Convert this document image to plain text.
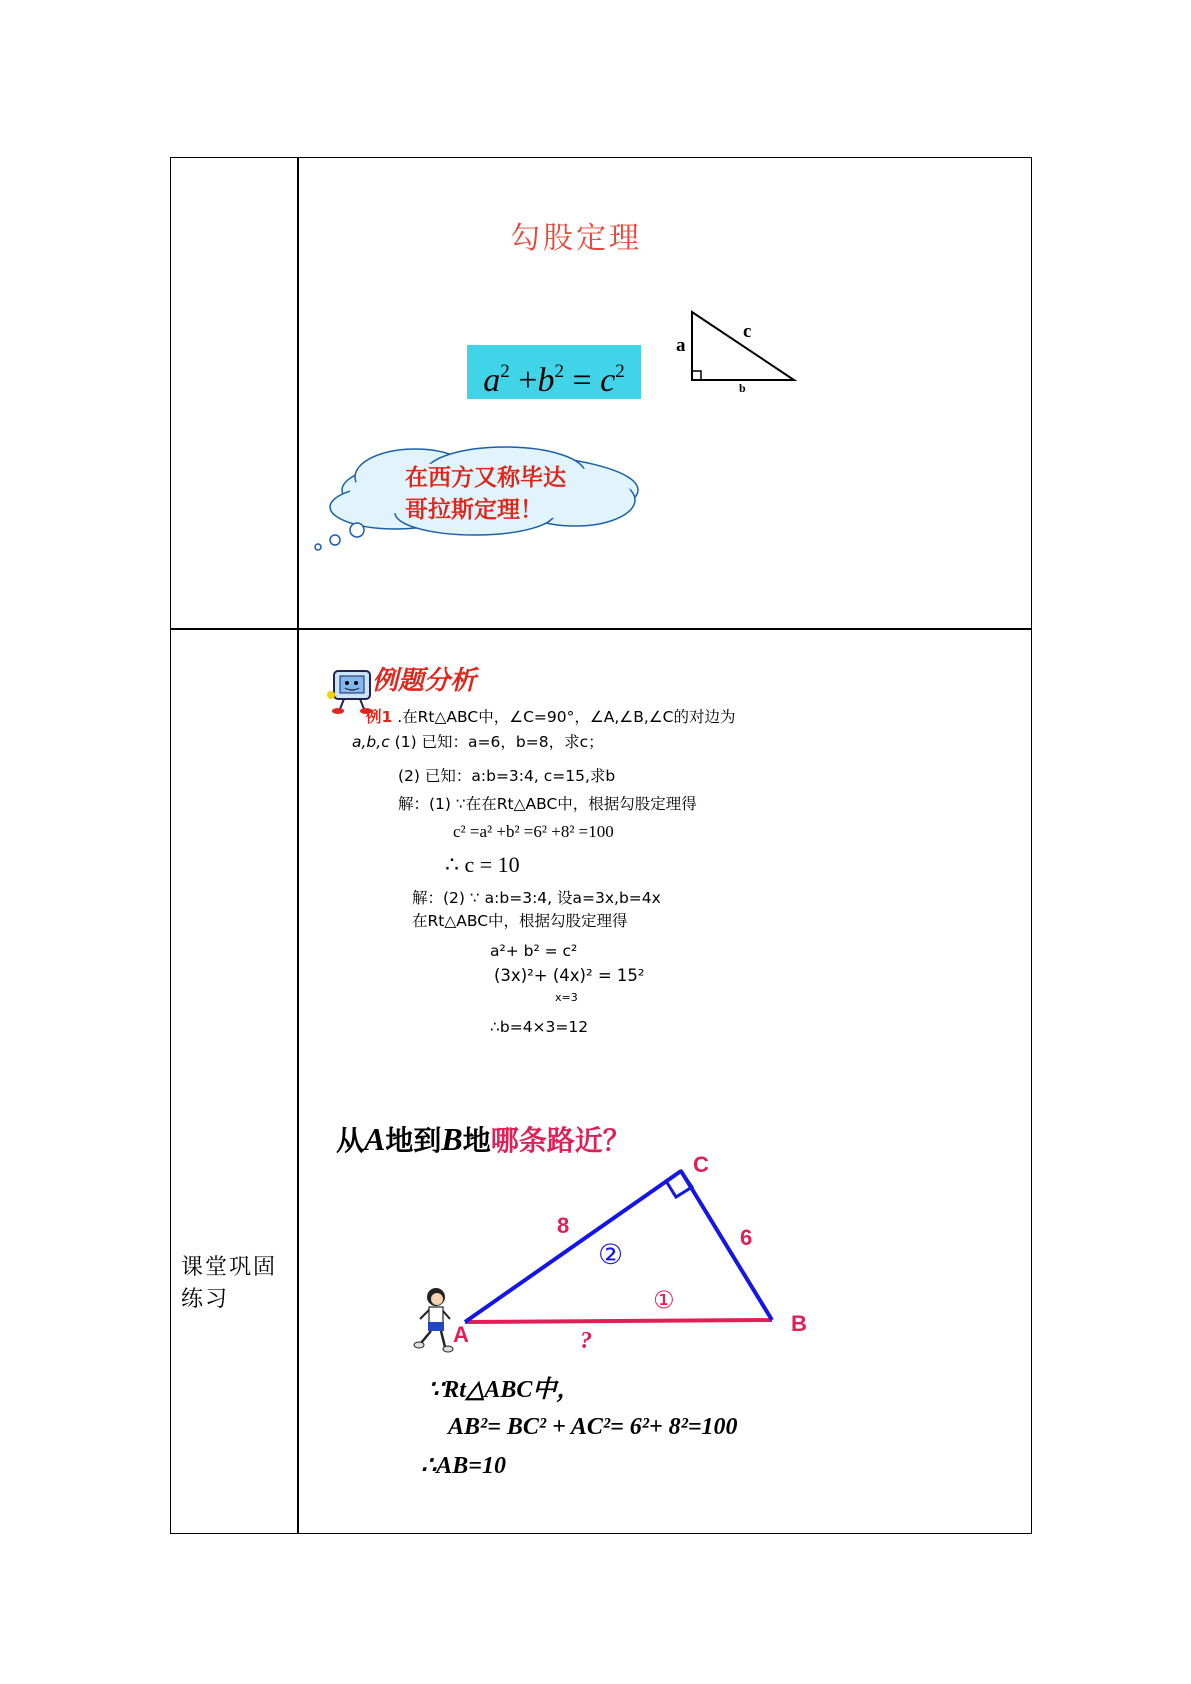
勾股定理
$a^2 +b^2 = c^2$
a
c
b
在西方又称毕达
哥拉斯定理！
课堂巩固
练习
例题分析
例1 .在Rt△ABC中，∠C=90°，∠A,∠B,∠C的对边为
a,b,c (1) 已知：a=6，b=8，求c；
(2) 已知：a:b=3:4, c=15,求b
解：(1) ∵在在Rt△ABC中，根据勾股定理得
c² =a² +b² =6² +8² =100
∴ c = 10
解：(2) ∵ a:b=3:4, 设a=3x,b=4x
在Rt△ABC中，根据勾股定理得
a²+ b² = c²
(3x)²+ (4x)² = 15²
x=3
∴b=4×3=12
从A地到B地哪条路近？
A	B
C
8	6
②
①
?
∵Rt△ABC中，
AB²= BC² + AC²= 6²+ 8²=100
∴AB=10
